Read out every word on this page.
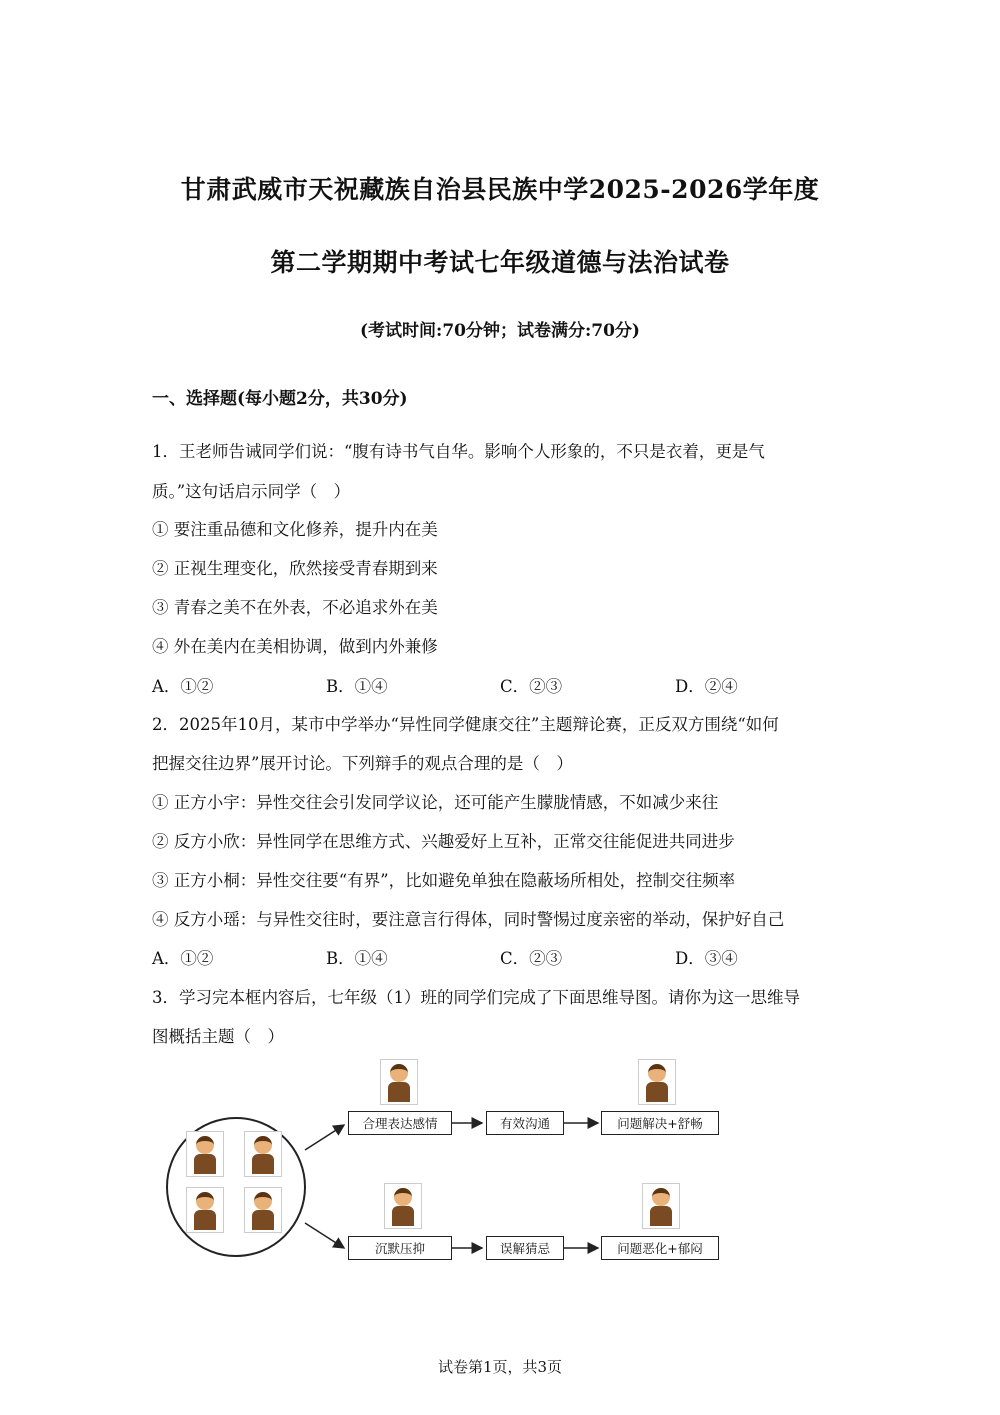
甘肃武威市天祝藏族自治县民族中学2025-2026学年度
第二学期期中考试七年级道德与法治试卷
(考试时间:70分钟；试卷满分:70分)
一、选择题(每小题2分，共30分)
1．王老师告诫同学们说：“腹有诗书气自华。影响个人形象的，不只是衣着，更是气
质。”这句话启示同学（　）
① 要注重品德和文化修养，提升内在美
② 正视生理变化，欣然接受青春期到来
③ 青春之美不在外表，不必追求外在美
④ 外在美内在美相协调，做到内外兼修
A．①②	B．①④	C．②③	D．②④
2．2025年10月，某市中学举办“异性同学健康交往”主题辩论赛，正反双方围绕“如何
把握交往边界”展开讨论。下列辩手的观点合理的是（　）
① 正方小宇：异性交往会引发同学议论，还可能产生朦胧情感，不如减少来往
② 反方小欣：异性同学在思维方式、兴趣爱好上互补，正常交往能促进共同进步
③ 正方小桐：异性交往要“有界”，比如避免单独在隐蔽场所相处，控制交往频率
④ 反方小瑶：与异性交往时，要注意言行得体，同时警惕过度亲密的举动，保护好自己
A．①②	B．①④	C．②③	D．③④
3．学习完本框内容后，七年级（1）班的同学们完成了下面思维导图。请你为这一思维导
图概括主题（　）
合理表达感情	有效沟通	问题解决+舒畅
沉默压抑	误解猜忌	问题恶化+郁闷
试卷第1页，共3页
